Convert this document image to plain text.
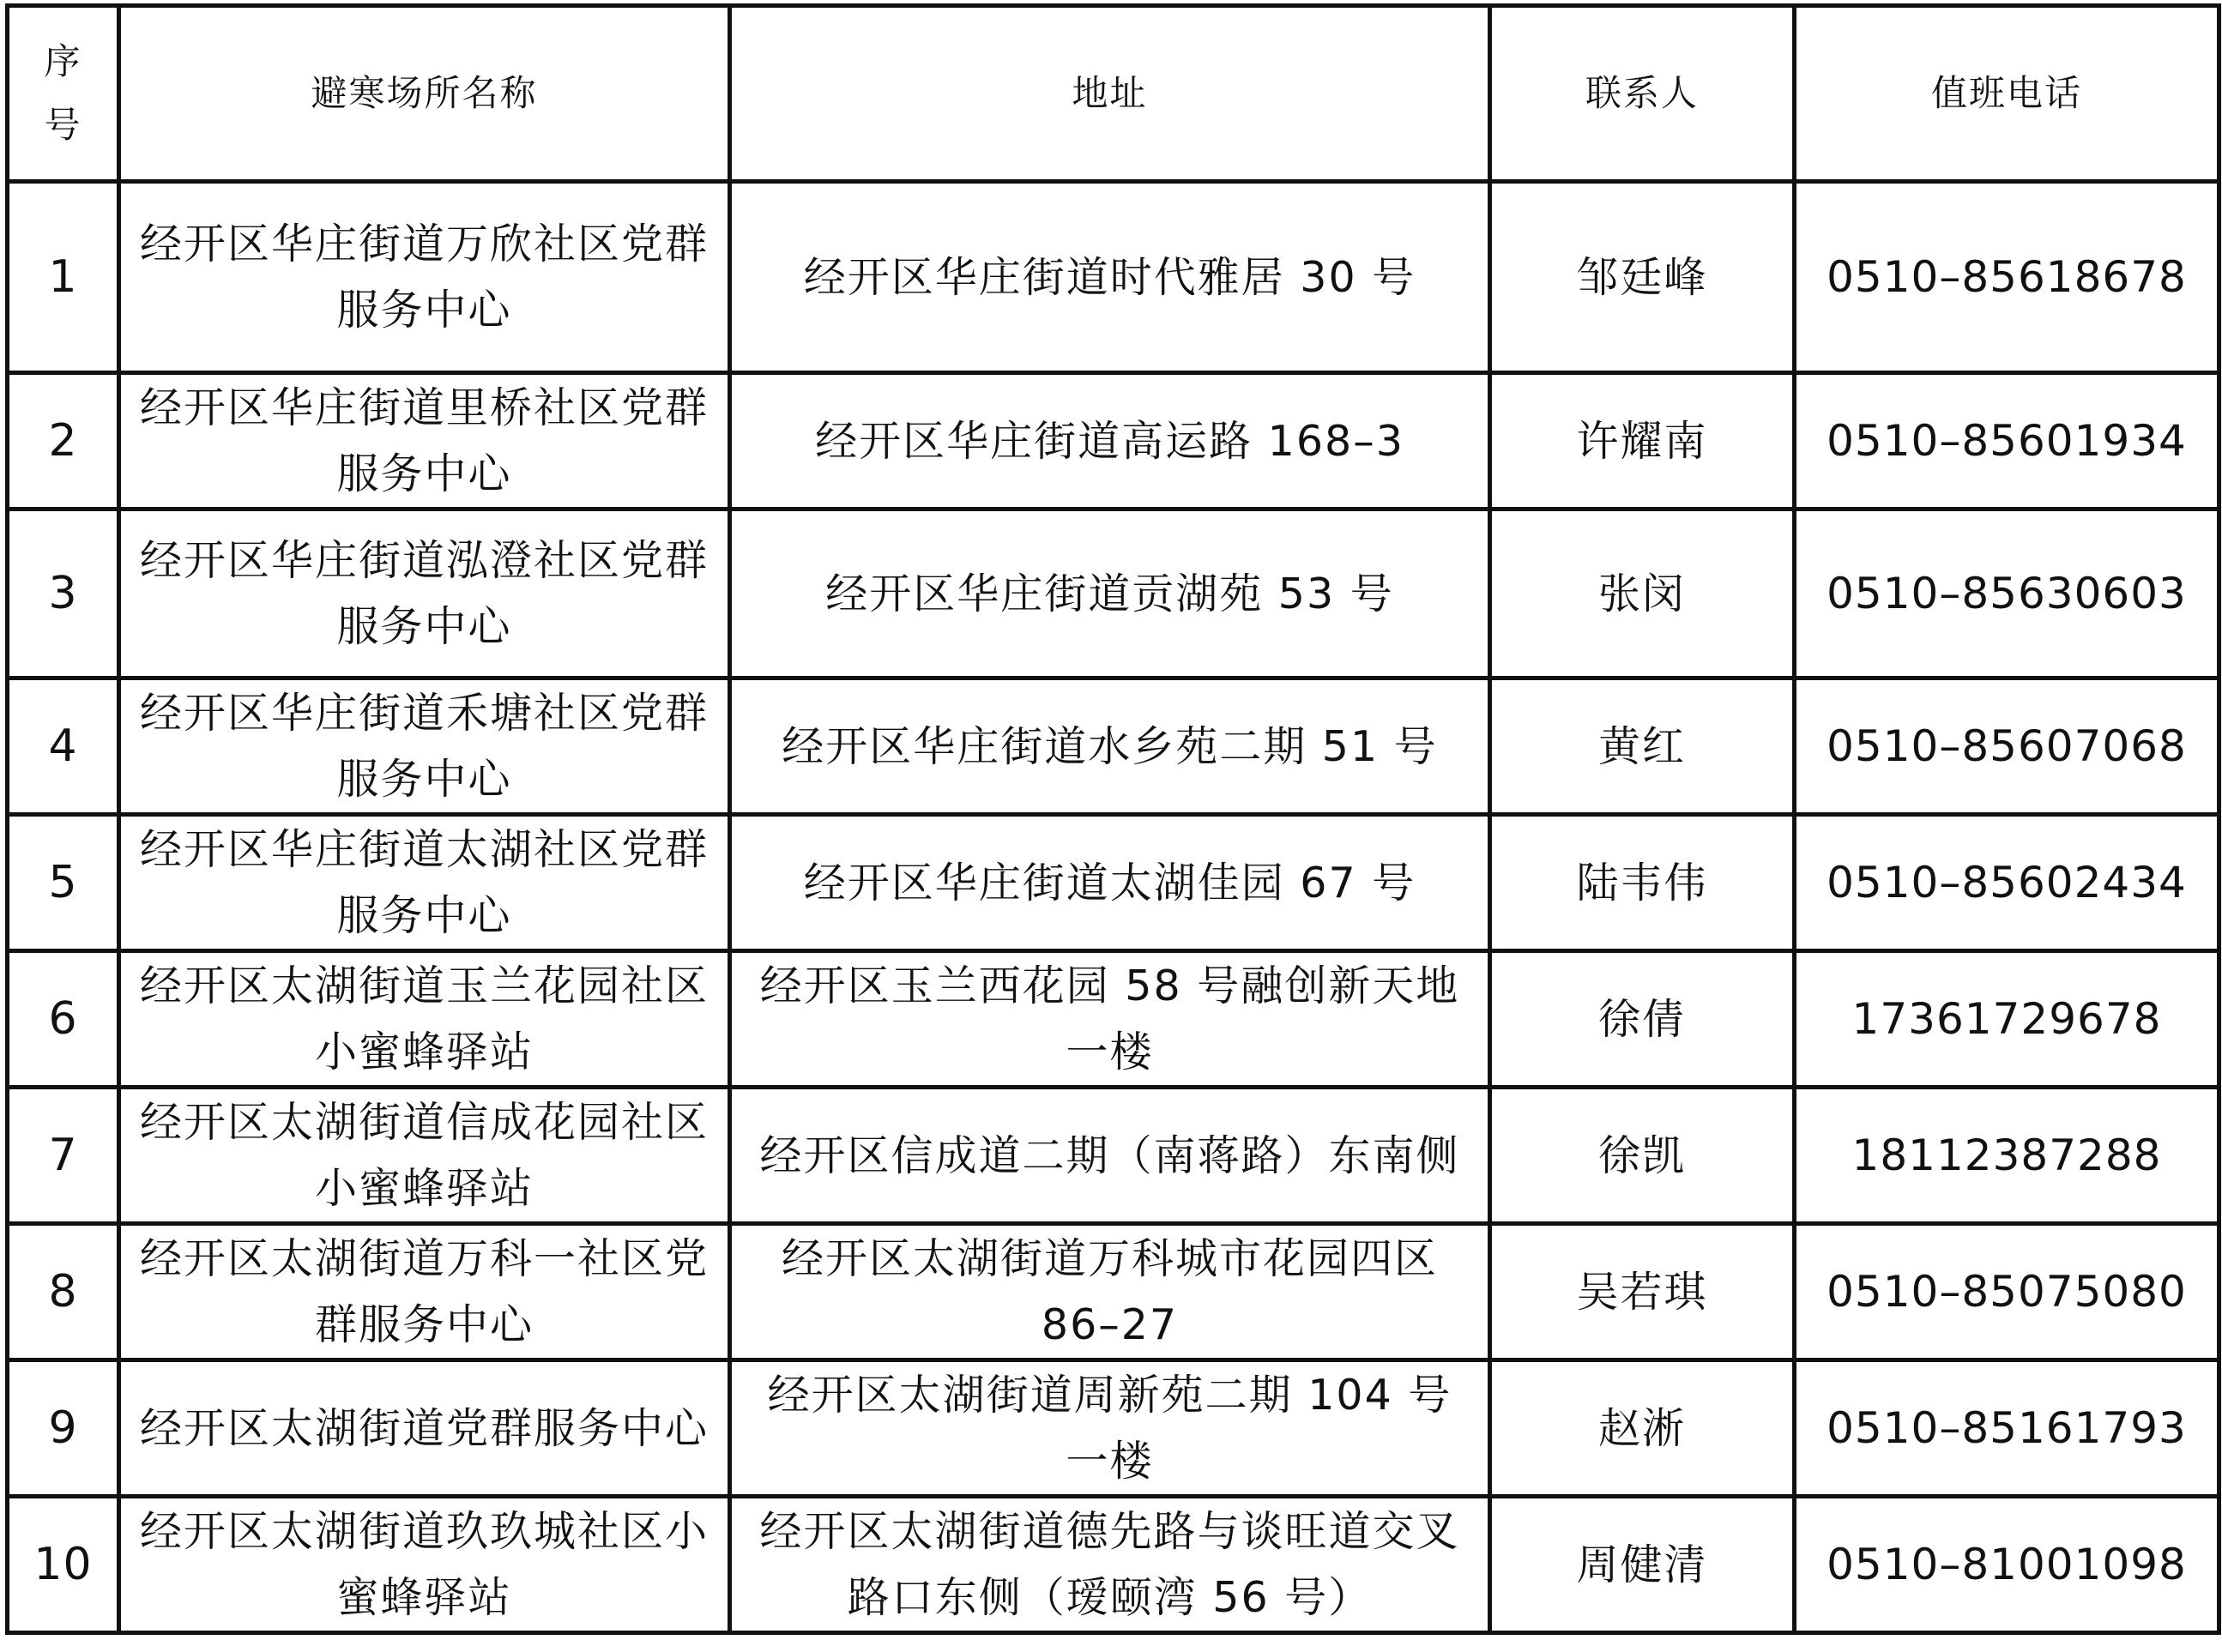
序号	避寒场所名称	地址	联系人	值班电话
1	经开区华庄街道万欣社区党群服务中心	经开区华庄街道时代雅居 30 号	邹廷峰	0510–85618678
2	经开区华庄街道里桥社区党群服务中心	经开区华庄街道高运路 168–3	许耀南	0510–85601934
3	经开区华庄街道泓澄社区党群服务中心	经开区华庄街道贡湖苑 53 号	张闵	0510–85630603
4	经开区华庄街道禾塘社区党群服务中心	经开区华庄街道水乡苑二期 51 号	黄红	0510–85607068
5	经开区华庄街道太湖社区党群服务中心	经开区华庄街道太湖佳园 67 号	陆韦伟	0510–85602434
6	经开区太湖街道玉兰花园社区小蜜蜂驿站	经开区玉兰西花园 58 号融创新天地一楼	徐倩	17361729678
7	经开区太湖街道信成花园社区小蜜蜂驿站	经开区信成道二期（南蒋路）东南侧	徐凯	18112387288
8	经开区太湖街道万科一社区党群服务中心	经开区太湖街道万科城市花园四区 86–27	吴若琪	0510–85075080
9	经开区太湖街道党群服务中心	经开区太湖街道周新苑二期 104 号一楼	赵淅	0510–85161793
10	经开区太湖街道玖玖城社区小蜜蜂驿站	经开区太湖街道德先路与谈旺道交叉路口东侧（瑷颐湾 56 号）	周健清	0510–81001098
